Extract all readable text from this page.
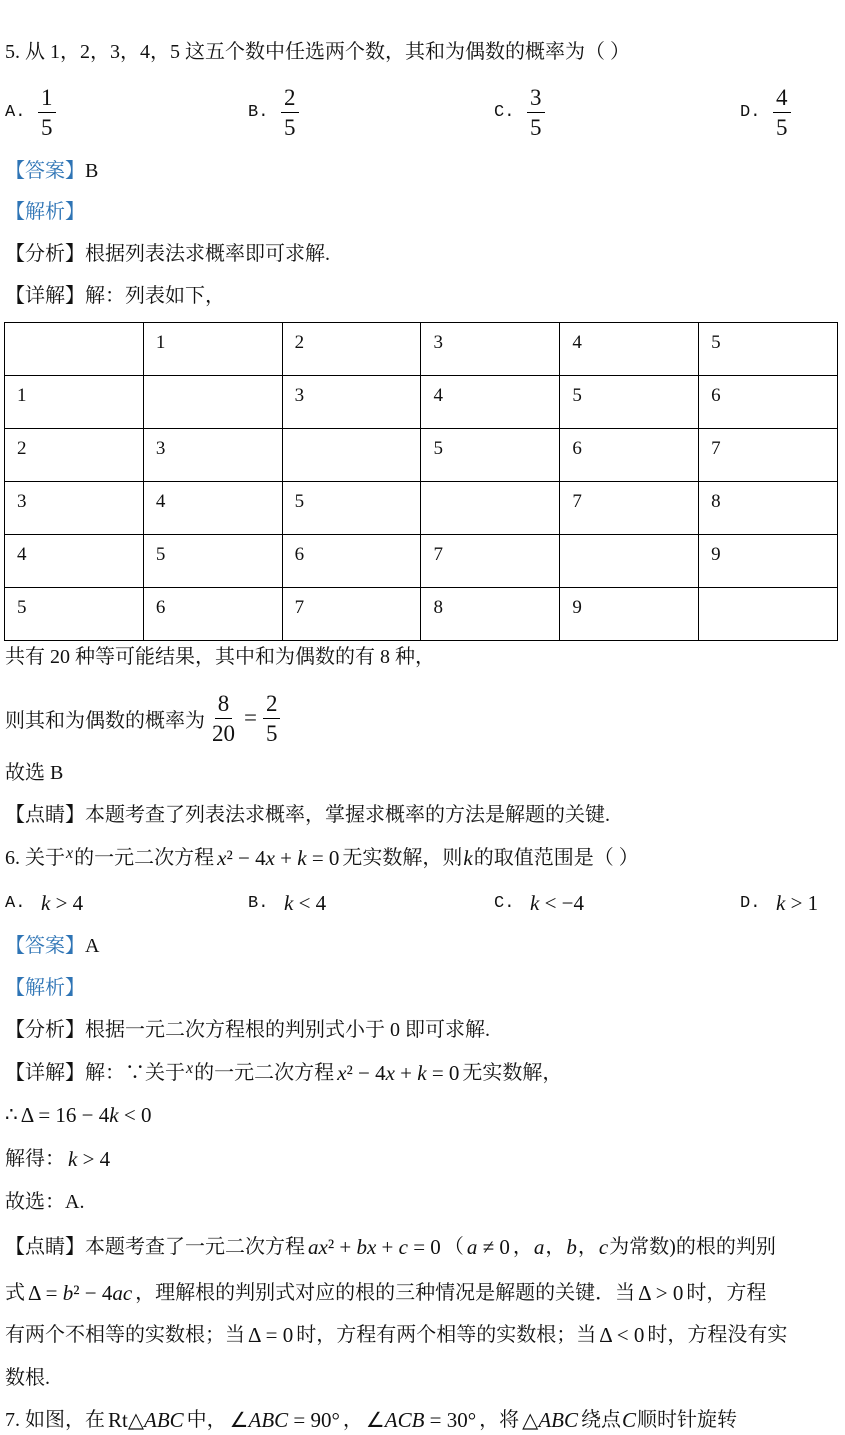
5. 从 1，2，3，4，5 这五个数中任选两个数，其和为偶数的概率为（ ）
A. $\frac{1}{5}$	B. $\frac{2}{5}$	C. $\frac{3}{5}$	D. $\frac{4}{5}$
【答案】 B
【解析】
【分析】根据列表法求概率即可求解.
【详解】解：列表如下，
	1	2	3	4	5
1		3	4	5	6
2	3		5	6	7
3	4	5		7	8
4	5	6	7		9
5	6	7	8	9	
共有 20 种等可能结果，其中和为偶数的有 8 种，
则其和为偶数的概率为 $\frac{8}{20} = \frac{2}{5}$
故选 B
【点睛】本题考查了列表法求概率，掌握求概率的方法是解题的关键.
6. 关于 x 的一元二次方程 x² − 4x + k = 0 无实数解，则 k 的取值范围是（ ）
A. k > 4	B. k < 4	C. k < −4	D. k > 1
【答案】 A
【解析】
【分析】根据一元二次方程根的判别式小于 0 即可求解.
【详解】解：∵关于 x 的一元二次方程 x² − 4x + k = 0 无实数解，
∴ Δ = 16 − 4k < 0
解得： k > 4
故选：A.
【点睛】本题考查了一元二次方程 ax² + bx + c = 0 （ a ≠ 0 ， a ， b ， c 为常数)的根的判别
式 Δ = b² − 4ac ，理解根的判别式对应的根的三种情况是解题的关键．当 Δ > 0 时，方程
有两个不相等的实数根；当 Δ = 0 时，方程有两个相等的实数根；当 Δ < 0 时，方程没有实
数根.
7. 如图，在 Rt △ABC 中， ∠ABC = 90° ， ∠ACB = 30° ，将 △ABC 绕点 C 顺时针旋转
